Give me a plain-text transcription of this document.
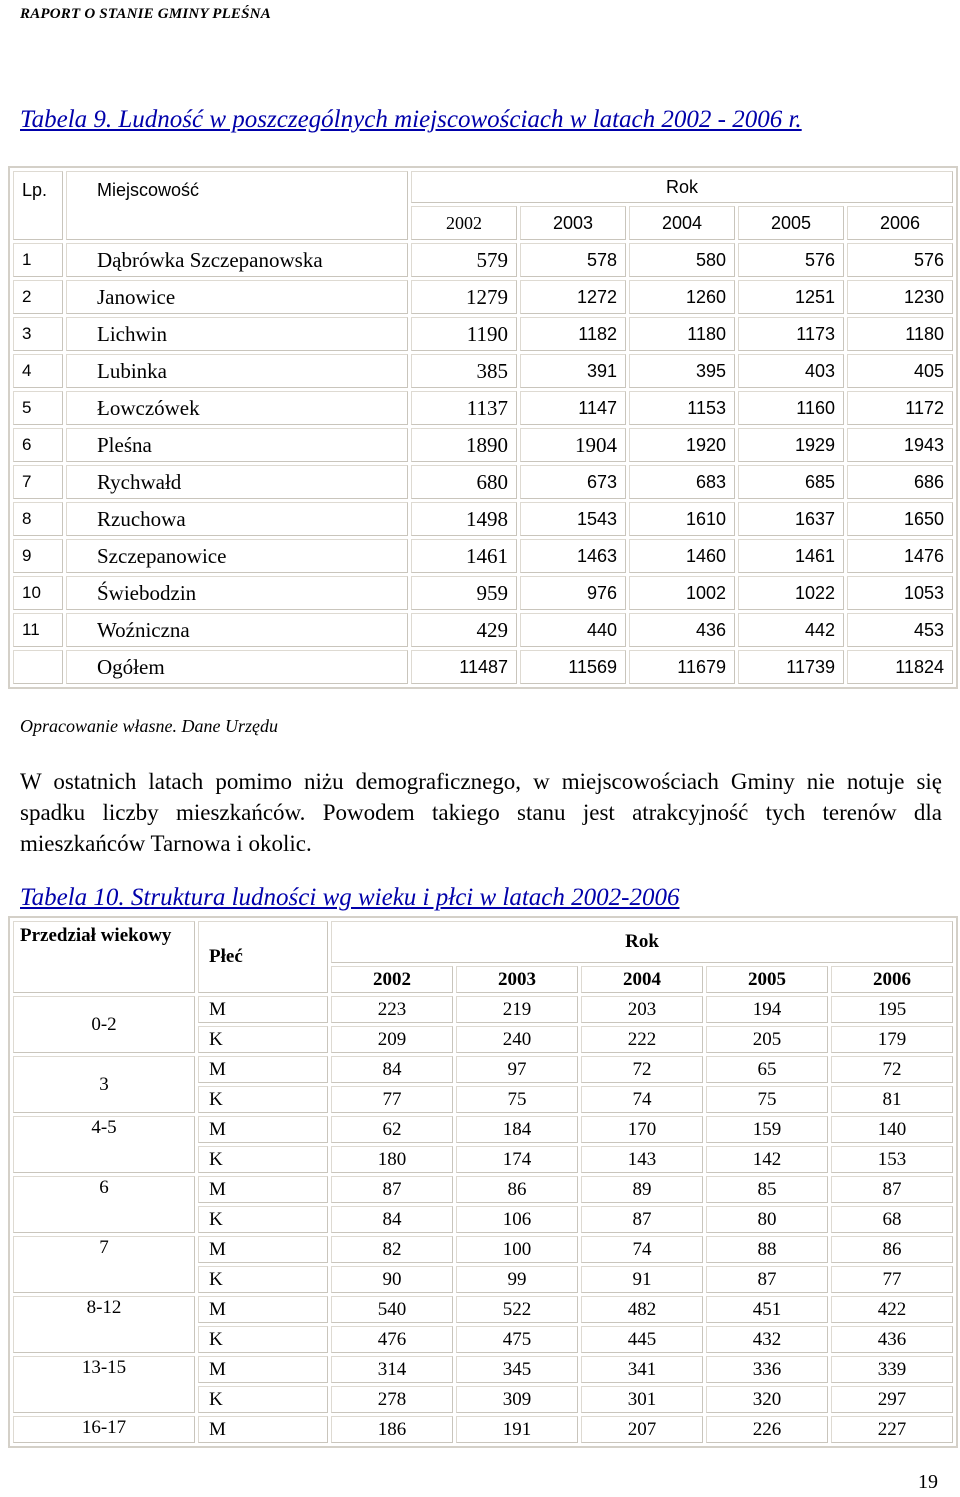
RAPORT O STANIE GMINY PLEŚNA
Tabela 9. Ludność w poszczególnych miejscowościach w latach 2002 - 2006 r.
Lp.	Miejscowość	Rok				
		2002	2003	2004	2005	2006
1	Dąbrówka Szczepanowska	579	578	580	576	576
2	Janowice	1279	1272	1260	1251	1230
3	Lichwin	1190	1182	1180	1173	1180
4	Lubinka	385	391	395	403	405
5	Łowczówek	1137	1147	1153	1160	1172
6	Pleśna	1890	1904	1920	1929	1943
7	Rychwałd	680	673	683	685	686
8	Rzuchowa	1498	1543	1610	1637	1650
9	Szczepanowice	1461	1463	1460	1461	1476
10	Świebodzin	959	976	1002	1022	1053
11	Woźniczna	429	440	436	442	453
	Ogółem	11487	11569	11679	11739	11824
Opracowanie własne. Dane Urzędu
W ostatnich latach pomimo niżu demograficznego, w miejscowościach Gminy nie notuje się spadku liczby mieszkańców. Powodem takiego stanu jest atrakcyjność tych terenów dla mieszkańców Tarnowa i okolic.
Tabela 10. Struktura ludności wg wieku i płci w latach 2002-2006
Przedział wiekowy	Płeć	Rok				
		2002	2003	2004	2005	2006
0-2	M	223	219	203	194	195
	K	209	240	222	205	179
3	M	84	97	72	65	72
	K	77	75	74	75	81
4-5	M	62	184	170	159	140
	K	180	174	143	142	153
6	M	87	86	89	85	87
	K	84	106	87	80	68
7	M	82	100	74	88	86
	K	90	99	91	87	77
8-12	M	540	522	482	451	422
	K	476	475	445	432	436
13-15	M	314	345	341	336	339
	K	278	309	301	320	297
16-17	M	186	191	207	226	227
19
